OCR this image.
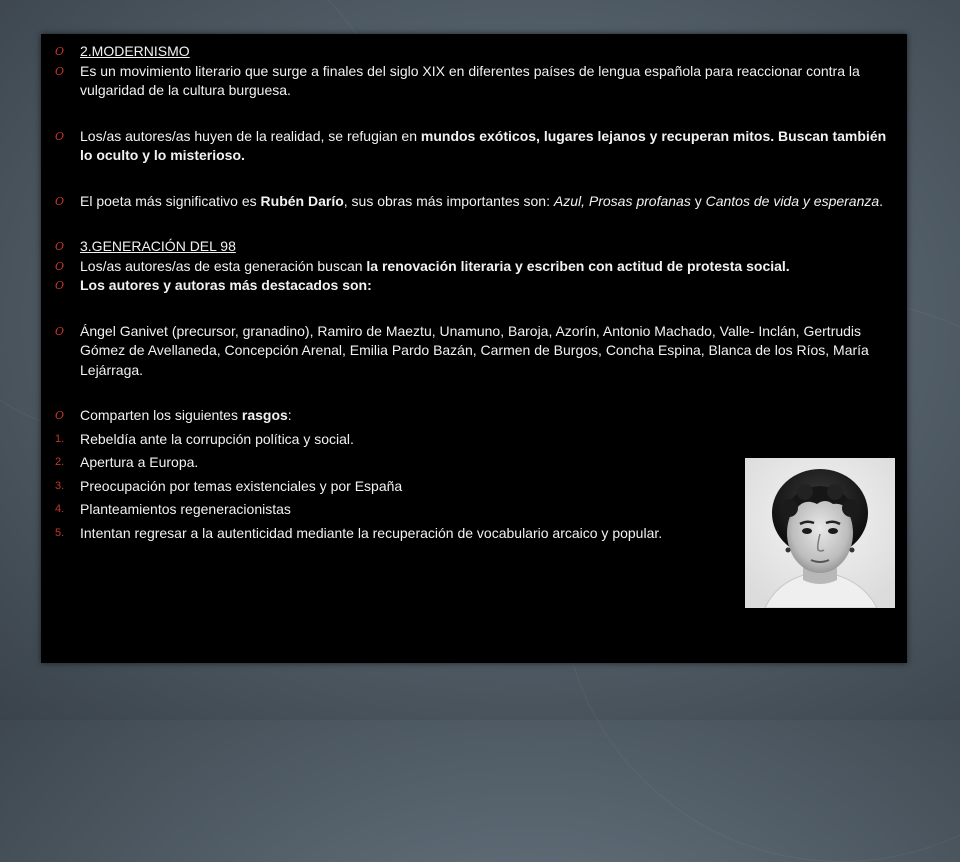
O 2.MODERNISMO
O Es un movimiento literario que surge a finales del siglo XIX en diferentes países de lengua española para reaccionar contra la vulgaridad de la cultura burguesa.
O Los/as autores/as huyen de la realidad, se refugian en mundos exóticos, lugares lejanos y recuperan mitos. Buscan también lo oculto y lo misterioso.
O El poeta más significativo es Rubén Darío, sus obras más importantes son: Azul, Prosas profanas y Cantos de vida y esperanza.
O 3.GENERACIÓN DEL 98
O Los/as autores/as de esta generación buscan la renovación literaria y escriben con actitud de protesta social.
O Los autores y autoras más destacados son:
O Ángel Ganivet (precursor, granadino), Ramiro de Maeztu, Unamuno, Baroja, Azorín, Antonio Machado, Valle- Inclán, Gertrudis Gómez de Avellaneda, Concepción Arenal, Emilia Pardo Bazán, Carmen de Burgos, Concha Espina, Blanca de los Ríos, María Lejárraga.
O Comparten los siguientes rasgos:
1. Rebeldía ante la corrupción política y social.
2. Apertura a Europa.
3. Preocupación por temas existenciales y por España
4. Planteamientos regeneracionistas
5. Intentan regresar a la autenticidad mediante la recuperación de vocabulario arcaico y popular.
